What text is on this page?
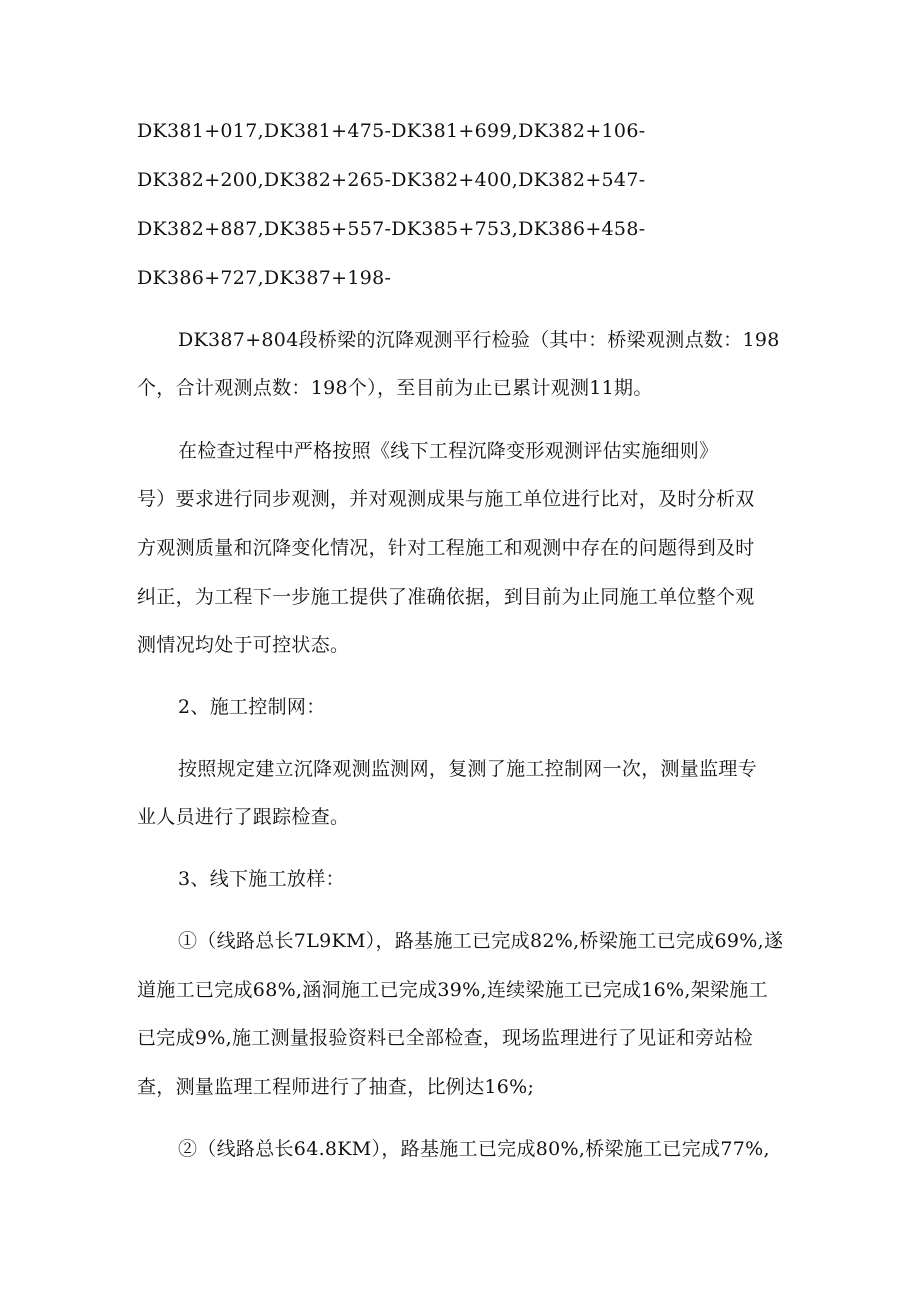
DK381+017,DK381+475-DK381+699,DK382+106-
DK382+200,DK382+265-DK382+400,DK382+547-
DK382+887,DK385+557-DK385+753,DK386+458-
DK386+727,DK387+198-
DK387+804段桥梁的沉降观测平行检验（其中：桥梁观测点数：198
个，合计观测点数：198个），至目前为止已累计观测11期。
在检查过程中严格按照《线下工程沉降变形观测评估实施细则》
号）要求进行同步观测，并对观测成果与施工单位进行比对，及时分析双
方观测质量和沉降变化情况，针对工程施工和观测中存在的问题得到及时
纠正，为工程下一步施工提供了准确依据，到目前为止同施工单位整个观
测情况均处于可控状态。
2、施工控制网：
按照规定建立沉降观测监测网，复测了施工控制网一次，测量监理专
业人员进行了跟踪检查。
3、线下施工放样：
①（线路总长7L9KM），路基施工已完成82%,桥梁施工已完成69%,遂
道施工已完成68%,涵洞施工已完成39%,连续梁施工已完成16%,架梁施工
已完成9%,施工测量报验资料已全部检查，现场监理进行了见证和旁站检
查，测量监理工程师进行了抽查，比例达16%;
②（线路总长64.8KM），路基施工已完成80%,桥梁施工已完成77%,
